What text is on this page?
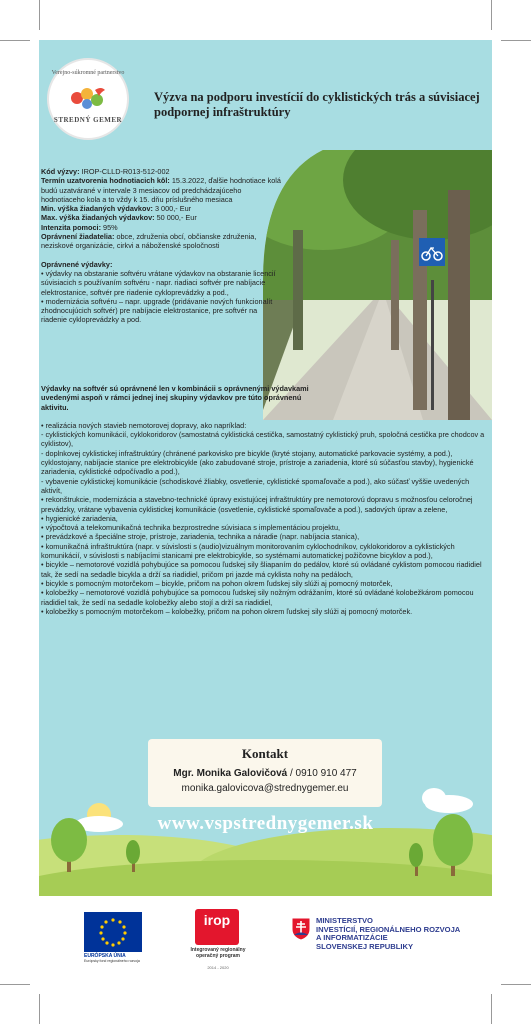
Verejno-súkromné partnerstvo
STREDNÝ GEMER
Výzva na podporu investícií do cyklistických trás a súvisiacej podpornej infraštruktúry

Kód výzvy: IROP-CLLD-R013-512-002

Termín uzatvorenia hodnotiacich kôl: 15.3.2022, ďalšie hodnotiace kolá budú uzatvárané v intervale 3 mesiacov od predchádzajúceho hodnotiaceho kola a to vždy k 15. dňu príslušného mesiaca

Min. výška žiadaných výdavkov: 3 000,- Eur

Max. výška žiadaných výdavkov: 50 000,- Eur

Intenzita pomoci: 95%

Oprávnení žiadatelia: obce, združenia obcí, občianske združenia, neziskové organizácie, cirkvi a náboženské spoločnosti

Oprávnené výdavky:

• výdavky na obstaranie softvéru vrátane výdavkov na obstaranie licencií súvisiacich s používaním softvéru - napr. riadiaci softvér pre nabíjacie elektrostanice, softvér pre riadenie cykloprevádzky a pod.,

• modernizácia softvéru – napr. upgrade (pridávanie nových funkcionalít zhodnocujúcich softvér) pre nabíjacie elektrostanice, pre softvér na riadenie cykloprevádzky a pod.

Výdavky na softvér sú oprávnené len v kombinácii s oprávnenými výdavkami uvedenými aspoň v rámci jednej inej skupiny výdavkov pre túto oprávnenú aktivitu.

• realizácia nových stavieb nemotorovej dopravy, ako napríklad:

- cyklistických komunikácií, cyklokoridorov (samostatná cyklistická cestička, samostatný cyklistický pruh, spoločná cestička pre chodcov a cyklistov),

- doplnkovej cyklistickej infraštruktúry (chránené parkovisko pre bicykle (kryté stojany, automatické parkovacie systémy, a pod.), cyklostojany, nabíjacie stanice pre elektrobicykle (ako zabudované stroje, prístroje a zariadenia, ktoré sú súčasťou stavby), hygienické zariadenia, cyklistické odpočívadlo a pod.),

- vybavenie cyklistickej komunikácie (schodiskové žliabky, osvetlenie, cyklistické spomaľovače a pod.), ako súčasť vyššie uvedených aktivít,

• rekonštrukcie, modernizácia a stavebno-technické úpravy existujúcej infraštruktúry pre nemotorovú dopravu s možnosťou celoročnej prevádzky, vrátane vybavenia cyklistickej komunikácie (osvetlenie, cyklistické spomaľovače a pod.), sadových úprav a zelene,

• hygienické zariadenia,

• výpočtová a telekomunikačná technika bezprostredne súvisiaca s implementáciou projektu,

• prevádzkové a špeciálne stroje, prístroje, zariadenia, technika a náradie (napr. nabíjacia stanica),

• komunikačná infraštruktúra (napr. v súvislosti s (audio)vizuálnym monitorovaním cyklochodníkov, cyklokoridorov a cyklistických komunikácií, v súvislosti s nabíjacími stanicami pre elektrobicykle, so systémami automatickej požičovne bicyklov a pod.),

• bicykle – nemotorové vozidlá pohybujúce sa pomocou ľudskej sily šliapaním do pedálov, ktoré sú ovládané cyklistom pomocou riadidiel tak, že sedí na sedadle bicykla a drží sa riadidiel, pričom pri jazde má cyklista nohy na pedáloch,

• bicykle s pomocným motorčekom – bicykle, pričom na pohon okrem ľudskej sily slúži aj pomocný motorček,

• kolobežky – nemotorové vozidlá pohybujúce sa pomocou ľudskej sily nožným odrážaním, ktoré sú ovládané kolobežkárom pomocou riadidiel tak, že sedí na sedadle kolobežky alebo stojí a drží sa riadidiel,

• kolobežky s pomocným motorčekom – kolobežky, pričom na pohon okrem ľudskej sily slúži aj pomocný motorček.

Kontakt
Mgr. Monika Galovičová / 0910 910 477
monika.galovicova@strednygemer.eu
www.vspstrednygemer.sk
EURÓPSKA ÚNIA
Európsky fond regionálneho rozvoja
irop
Integrovaný regionálny
operačný program
2014 - 2020
MINISTERSTVO
INVESTÍCIÍ, REGIONÁLNEHO ROZVOJA
A INFORMATIZÁCIE
SLOVENSKEJ REPUBLIKY
